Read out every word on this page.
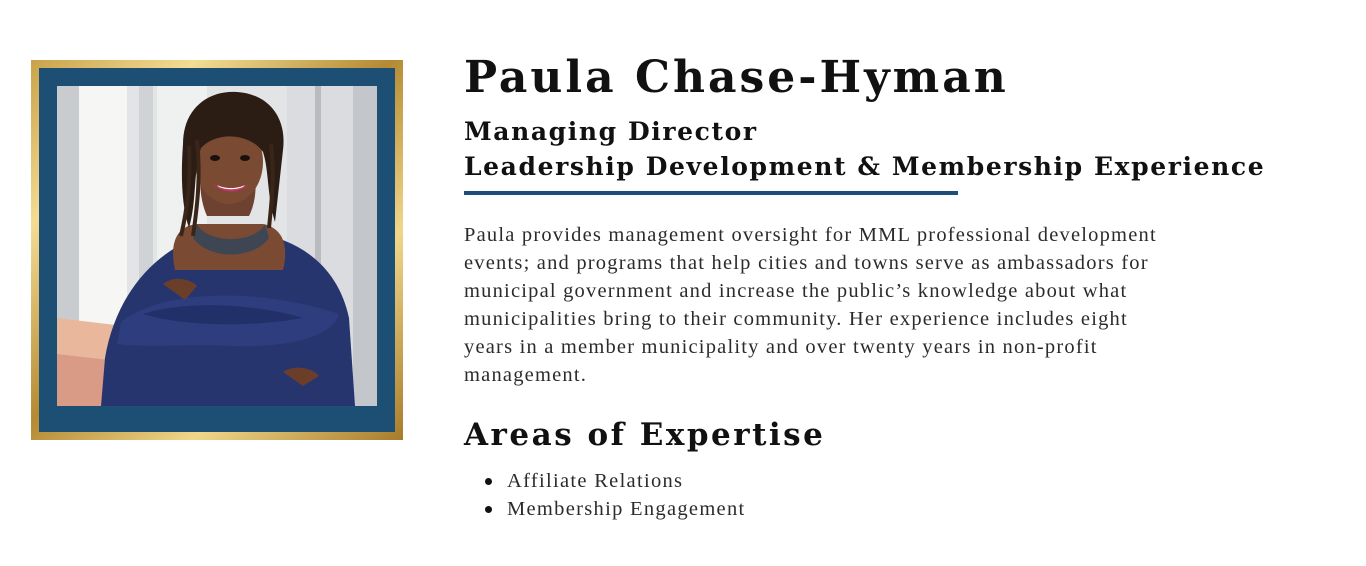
Paula Chase-Hyman
Managing Director
Leadership Development & Membership Experience

Paula provides management oversight for MML professional development
events; and programs that help cities and towns serve as ambassadors for
municipal government and increase the public’s knowledge about what
municipalities bring to their community. Her experience includes eight
years in a member municipality and over twenty years in non-profit
management.

Areas of Expertise
Affiliate Relations
Membership Engagement
